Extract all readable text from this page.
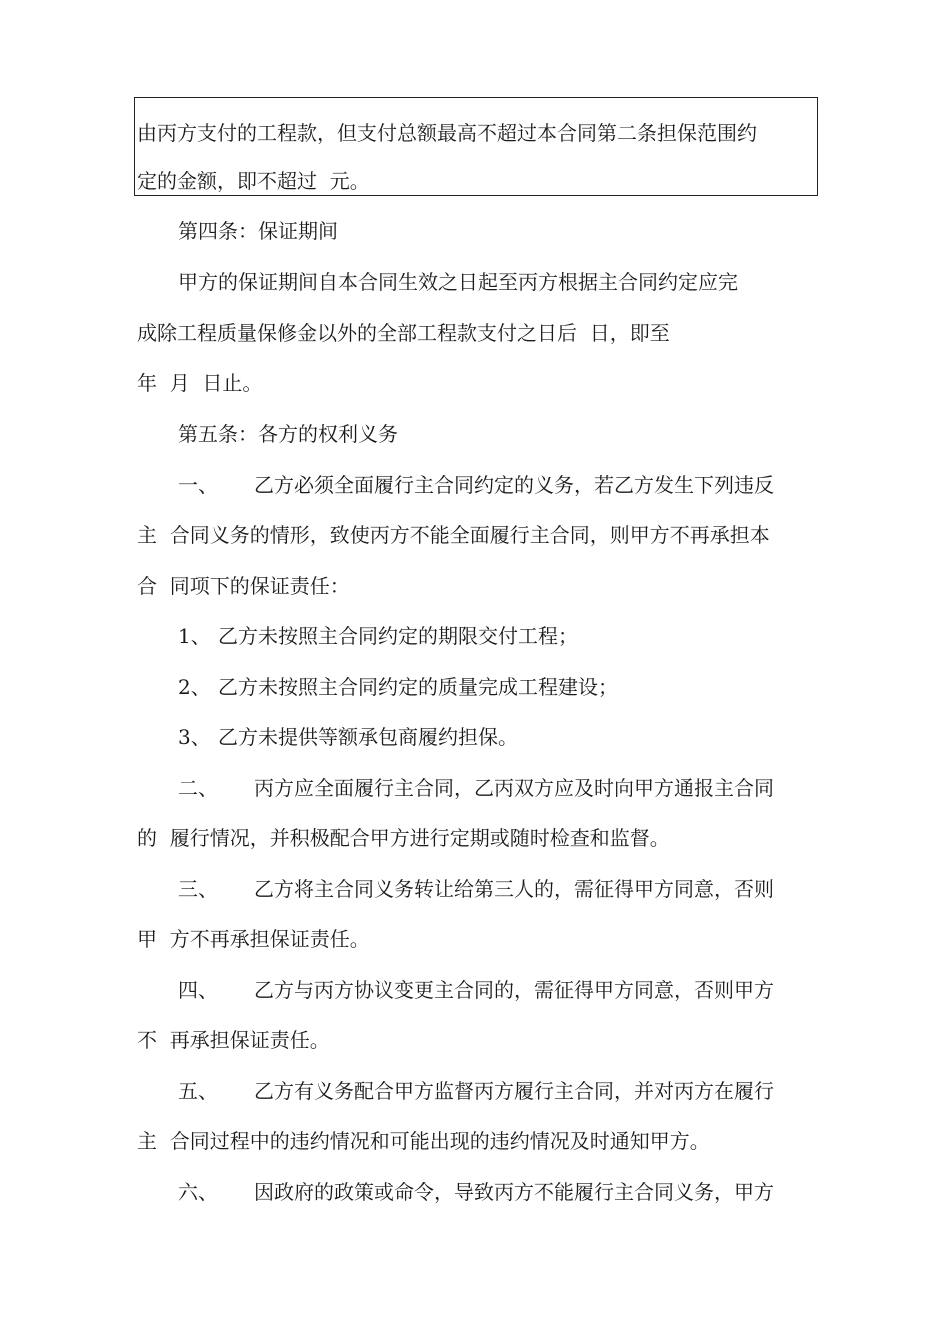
由丙方支付的工程款，但支付总额最高不超过本合同第二条担保范围约
定的金额，即不超过  元。
第四条：保证期间
甲方的保证期间自本合同生效之日起至丙方根据主合同约定应完
成除工程质量保修金以外的全部工程款支付之日后  日，即至
年  月  日止。
第五条：各方的权利义务
一、 乙方必须全面履行主合同约定的义务，若乙方发生下列违反
主  合同义务的情形，致使丙方不能全面履行主合同，则甲方不再承担本
合  同项下的保证责任：
1、 乙方未按照主合同约定的期限交付工程；
2、 乙方未按照主合同约定的质量完成工程建设；
3、 乙方未提供等额承包商履约担保。
二、 丙方应全面履行主合同，乙丙双方应及时向甲方通报主合同
的  履行情况，并积极配合甲方进行定期或随时检查和监督。
三、 乙方将主合同义务转让给第三人的，需征得甲方同意，否则
甲  方不再承担保证责任。
四、 乙方与丙方协议变更主合同的，需征得甲方同意，否则甲方
不  再承担保证责任。
五、 乙方有义务配合甲方监督丙方履行主合同，并对丙方在履行
主  合同过程中的违约情况和可能出现的违约情况及时通知甲方。
六、 因政府的政策或命令，导致丙方不能履行主合同义务，甲方
